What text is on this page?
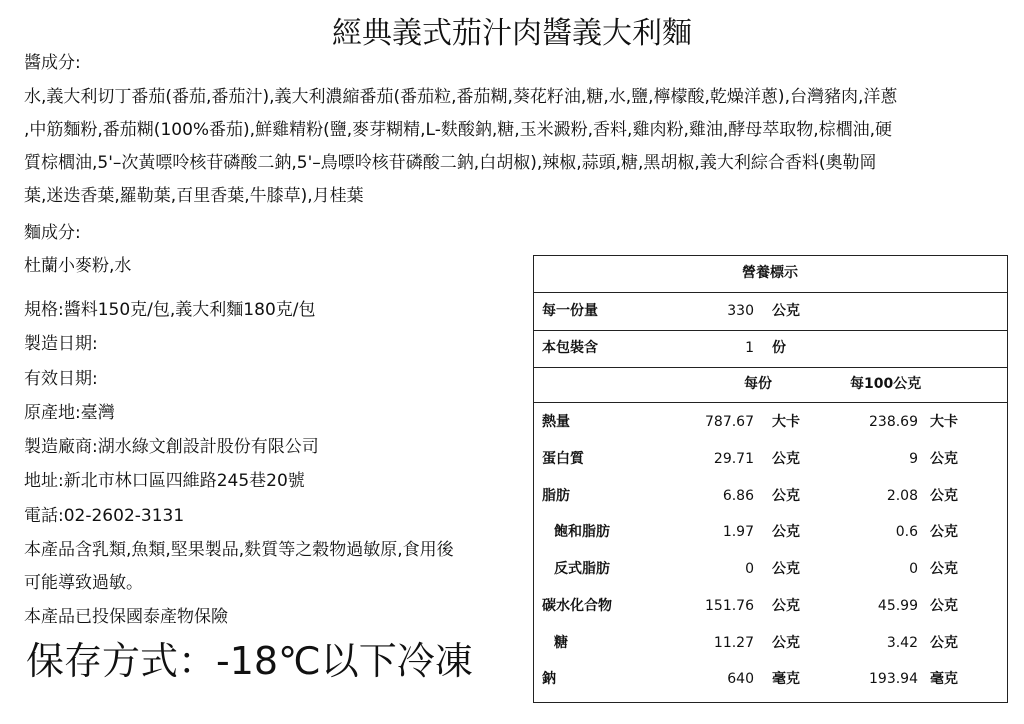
經典義式茄汁肉醬義大利麵
醬成分:
水,義大利切丁番茄(番茄,番茄汁),義大利濃縮番茄(番茄粒,番茄糊,葵花籽油,糖,水,鹽,檸檬酸,乾燥洋蔥),台灣豬肉,洋蔥
,中筋麵粉,番茄糊(100%番茄),鮮雞精粉(鹽,麥芽糊精,L-麩酸鈉,糖,玉米澱粉,香料,雞肉粉,雞油,酵母萃取物,棕櫚油,硬
質棕櫚油,5'–次黃嘌呤核苷磷酸二鈉,5'–鳥嘌呤核苷磷酸二鈉,白胡椒),辣椒,蒜頭,糖,黑胡椒,義大利綜合香料(奧勒岡
葉,迷迭香葉,羅勒葉,百里香葉,牛膝草),月桂葉
麵成分:
杜蘭小麥粉,水
規格:醬料150克/包,義大利麵180克/包
製造日期:
有效日期:
原產地:臺灣
製造廠商:湖水綠文創設計股份有限公司
地址:新北市林口區四維路245巷20號
電話:02-2602-3131
本產品含乳類,魚類,堅果製品,麩質等之穀物過敏原,食用後
可能導致過敏。
本產品已投保國泰產物保險
保存方式：-18℃以下冷凍
營養標示
每一份量	330 公克
本包裝含	1 份
每份	每100公克
熱量	787.67 大卡	238.69 大卡
蛋白質	29.71 公克	9 公克
脂肪	6.86 公克	2.08 公克
飽和脂肪	1.97 公克	0.6 公克
反式脂肪	0 公克	0 公克
碳水化合物	151.76 公克	45.99 公克
糖	11.27 公克	3.42 公克
鈉	640 毫克	193.94 毫克
